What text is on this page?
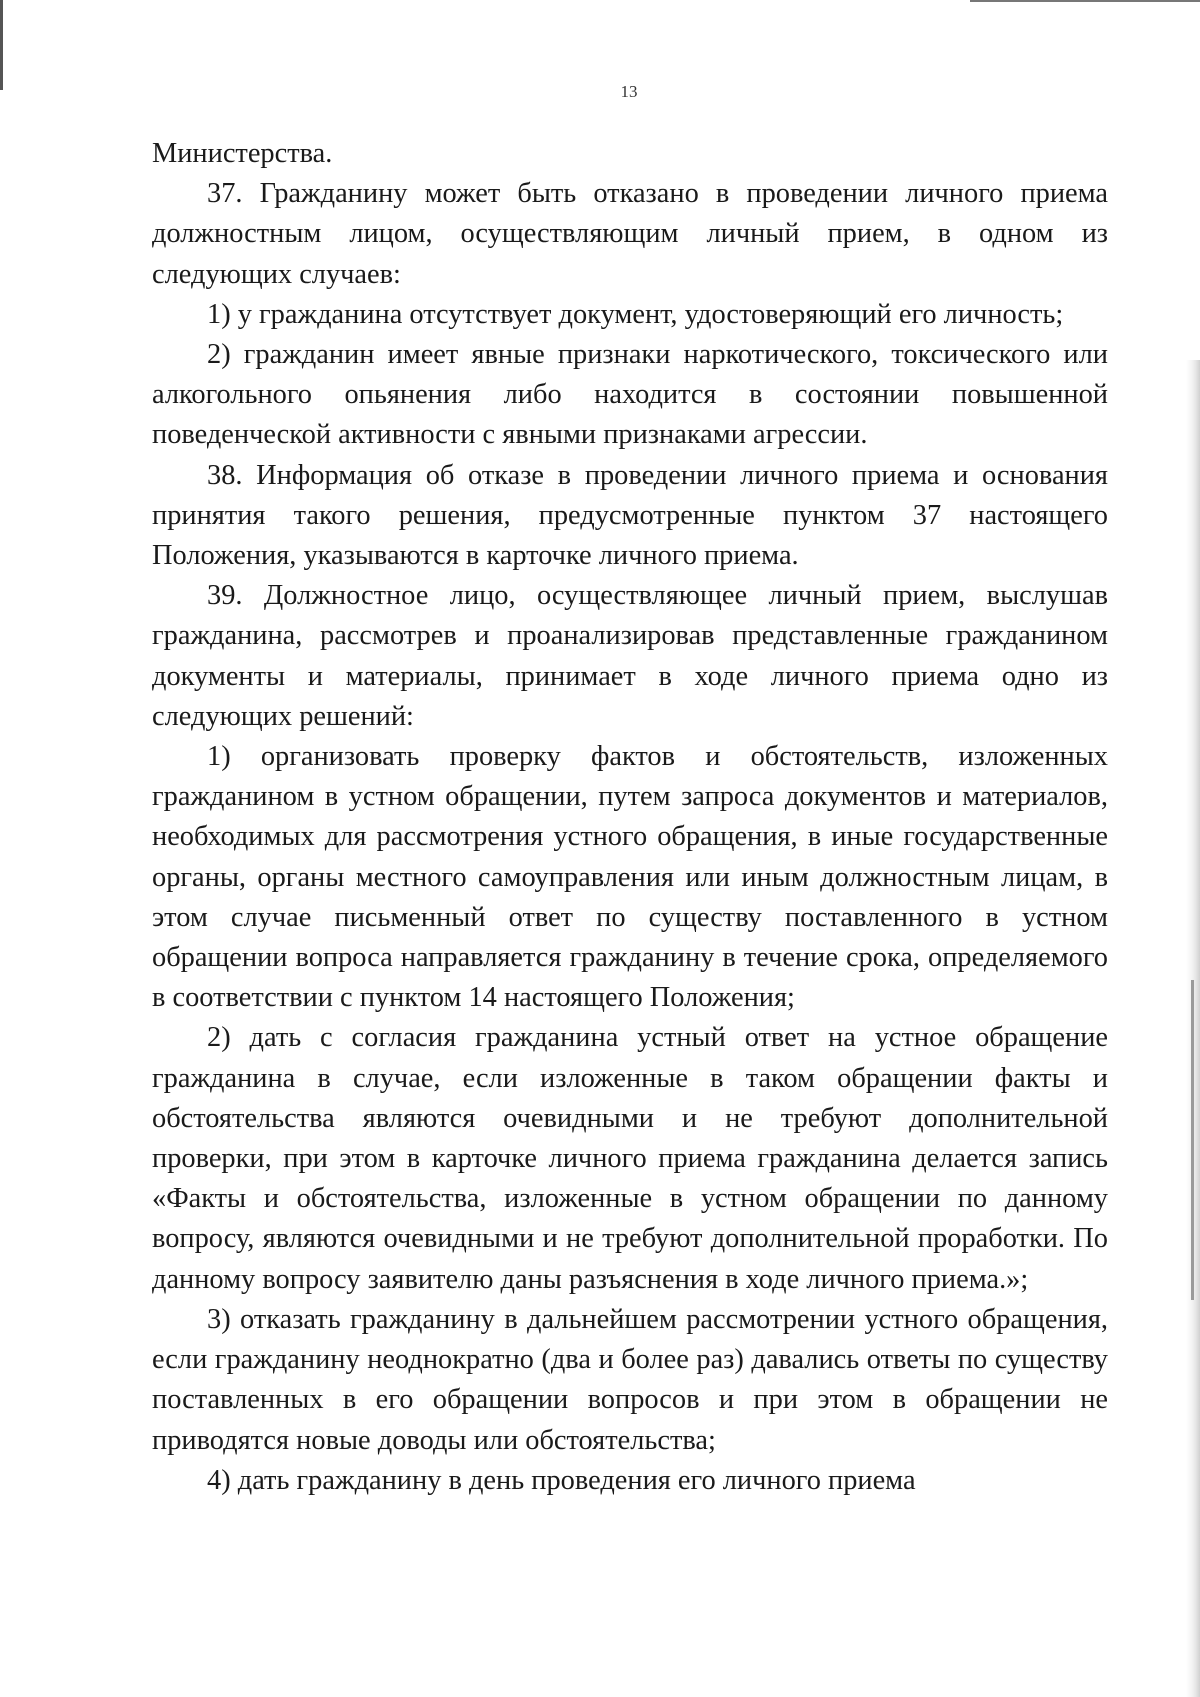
13

Министерства.

37. Гражданину может быть отказано в проведении личного приема должностным лицом, осуществляющим личный прием, в одном из следующих случаев:

1) у гражданина отсутствует документ, удостоверяющий его личность;

2) гражданин имеет явные признаки наркотического, токсического или алкогольного опьянения либо находится в состоянии повышенной поведенческой активности с явными признаками агрессии.

38. Информация об отказе в проведении личного приема и основания принятия такого решения, предусмотренные пунктом 37 настоящего Положения, указываются в карточке личного приема.

39. Должностное лицо, осуществляющее личный прием, выслушав гражданина, рассмотрев и проанализировав представленные гражданином документы и материалы, принимает в ходе личного приема одно из следующих решений:

1) организовать проверку фактов и обстоятельств, изложенных гражданином в устном обращении, путем запроса документов и материалов, необходимых для рассмотрения устного обращения, в иные государственные органы, органы местного самоуправления или иным должностным лицам, в этом случае письменный ответ по существу поставленного в устном обращении вопроса направляется гражданину в течение срока, определяемого в соответствии с пунктом 14 настоящего Положения;

2) дать с согласия гражданина устный ответ на устное обращение гражданина в случае, если изложенные в таком обращении факты и обстоятельства являются очевидными и не требуют дополнительной проверки, при этом в карточке личного приема гражданина делается запись «Факты и обстоятельства, изложенные в устном обращении по данному вопросу, являются очевидными и не требуют дополнительной проработки. По данному вопросу заявителю даны разъяснения в ходе личного приема.»;

3) отказать гражданину в дальнейшем рассмотрении устного обращения, если гражданину неоднократно (два и более раз) давались ответы по существу поставленных в его обращении вопросов и при этом в обращении не приводятся новые доводы или обстоятельства;

4) дать гражданину в день проведения его личного приема
